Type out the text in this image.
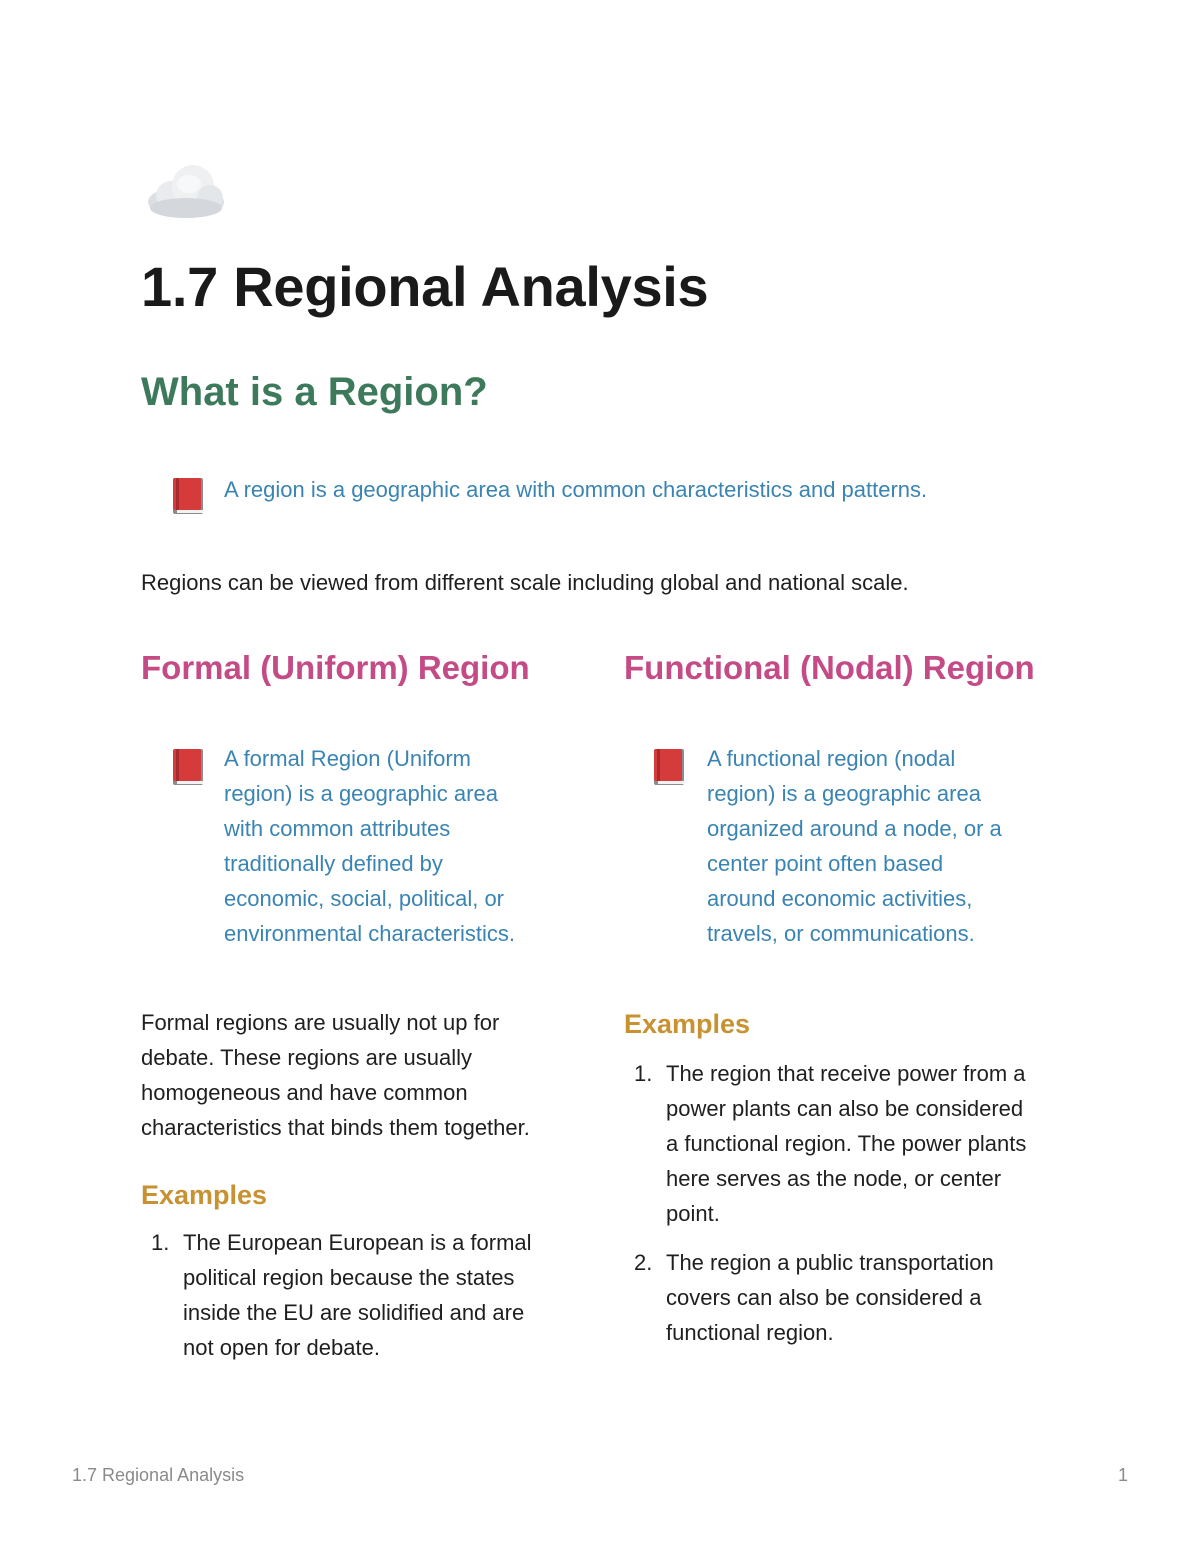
1.7 Regional Analysis
What is a Region?
A region is a geographic area with common characteristics and patterns.
Regions can be viewed from different scale including global and national scale.
Formal (Uniform) Region
A formal Region (Uniform
region) is a geographic area
with common attributes
traditionally defined by
economic, social, political, or
environmental characteristics.
Formal regions are usually not up for
debate. These regions are usually
homogeneous and have common
characteristics that binds them together.
Examples
1. The European European is a formal
political region because the states
inside the EU are solidified and are
not open for debate.
Functional (Nodal) Region
A functional region (nodal
region) is a geographic area
organized around a node, or a
center point often based
around economic activities,
travels, or communications.
Examples
1. The region that receive power from a
power plants can also be considered
a functional region. The power plants
here serves as the node, or center
point.
2. The region a public transportation
covers can also be considered a
functional region.
1.7 Regional Analysis	1
